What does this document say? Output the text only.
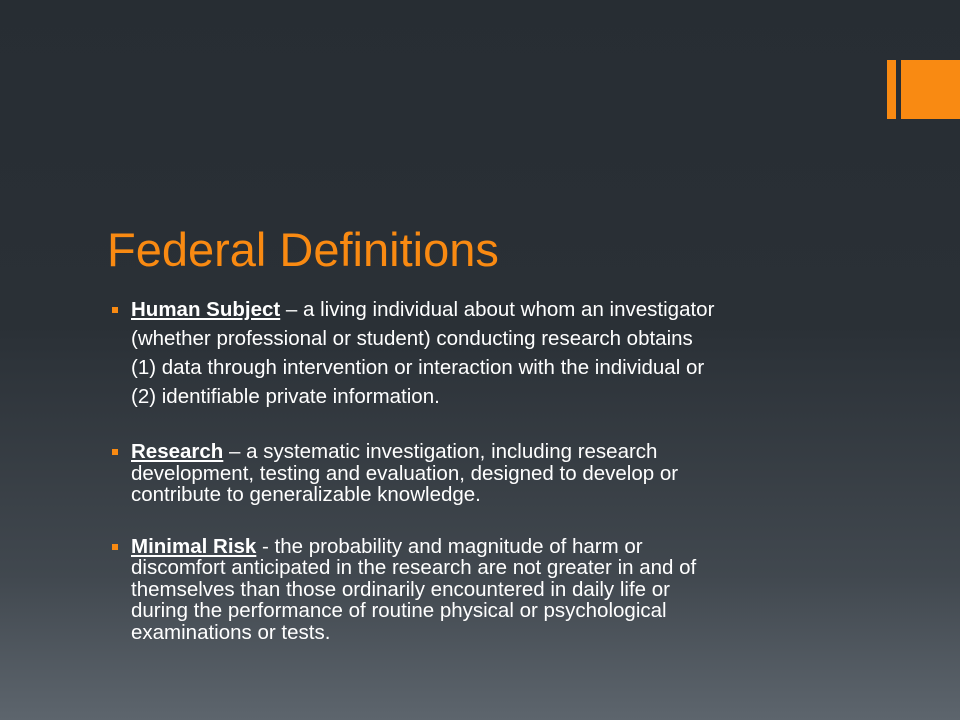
Federal Definitions
Human Subject – a living individual about whom an investigator
(whether professional or student) conducting research obtains
(1) data through intervention or interaction with the individual or
(2) identifiable private information.
Research – a systematic investigation, including research
development, testing and evaluation, designed to develop or
contribute to generalizable knowledge.
Minimal Risk - the probability and magnitude of harm or
discomfort anticipated in the research are not greater in and of
themselves than those ordinarily encountered in daily life or
during the performance of routine physical or psychological
examinations or tests.
